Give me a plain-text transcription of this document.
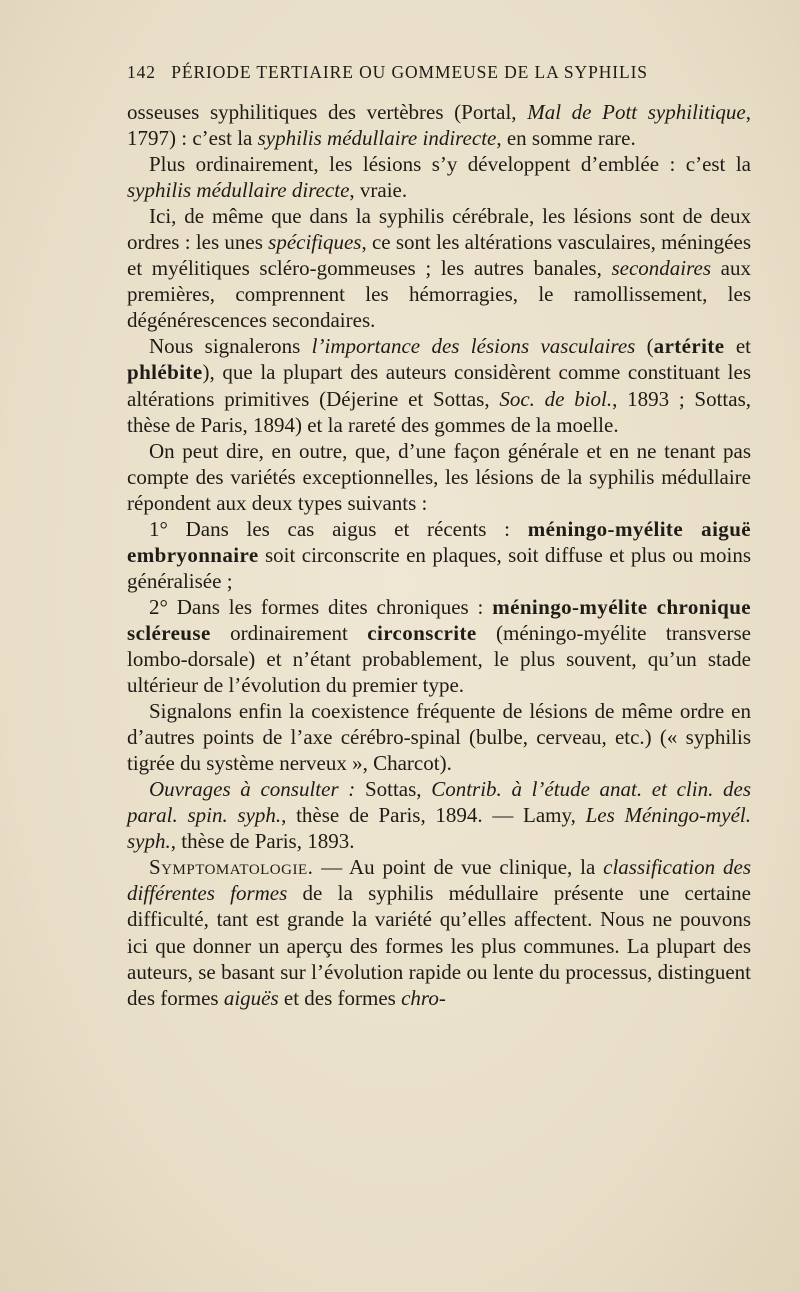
142 PÉRIODE TERTIAIRE OU GOMMEUSE DE LA SYPHILIS

osseuses syphilitiques des vertèbres (Portal, Mal de Pott syphilitique, 1797) : c’est la syphilis médullaire indirecte, en somme rare.

Plus ordinairement, les lésions s’y développent d’emblée : c’est la syphilis médullaire directe, vraie.

Ici, de même que dans la syphilis cérébrale, les lésions sont de deux ordres : les unes spécifiques, ce sont les altérations vasculaires, méningées et myélitiques scléro-gommeuses ; les autres banales, secondaires aux premières, comprennent les hémorragies, le ramollissement, les dégénérescences secondaires.

Nous signalerons l’importance des lésions vasculaires (artérite et phlébite), que la plupart des auteurs considèrent comme constituant les altérations primitives (Déjerine et Sottas, Soc. de biol., 1893 ; Sottas, thèse de Paris, 1894) et la rareté des gommes de la moelle.

On peut dire, en outre, que, d’une façon générale et en ne tenant pas compte des variétés exceptionnelles, les lésions de la syphilis médullaire répondent aux deux types suivants :

1° Dans les cas aigus et récents : méningo-myélite aiguë embryonnaire soit circonscrite en plaques, soit diffuse et plus ou moins généralisée ;

2° Dans les formes dites chroniques : méningo-myélite chronique scléreuse ordinairement circonscrite (méningo-myélite transverse lombo-dorsale) et n’étant probablement, le plus souvent, qu’un stade ultérieur de l’évolution du premier type.

Signalons enfin la coexistence fréquente de lésions de même ordre en d’autres points de l’axe cérébro-spinal (bulbe, cerveau, etc.) (« syphilis tigrée du système nerveux », Charcot).

Ouvrages à consulter : Sottas, Contrib. à l’étude anat. et clin. des paral. spin. syph., thèse de Paris, 1894. — Lamy, Les Méningo-myél. syph., thèse de Paris, 1893.

Symptomatologie. — Au point de vue clinique, la classification des différentes formes de la syphilis médullaire présente une certaine difficulté, tant est grande la variété qu’elles affectent. Nous ne pouvons ici que donner un aperçu des formes les plus communes. La plupart des auteurs, se basant sur l’évolution rapide ou lente du processus, distinguent des formes aiguës et des formes chro-
